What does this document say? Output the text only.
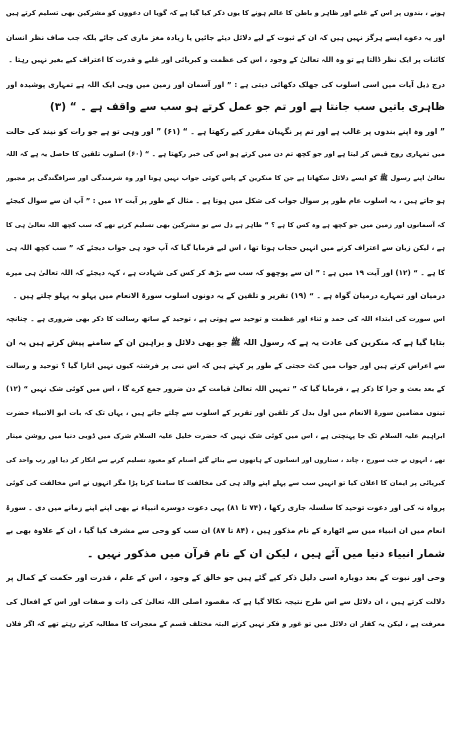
ہونے ، بندوں پر اس کے غلبے اور ظاہر و باطن کا عالم ہونے کا یوں ذکر کیا گیا ہے کہ گویا ان دعووں کو مشرکین بھی تسلیم کرتے ہیں
اور یہ دعوے ایسے ہرگز نہیں ہیں کہ ان کے ثبوت کے لیے دلائل دیئے جائیں یا زیادہ مغز ماری کی جائے بلکہ جب صاف نظر انسان
کائنات پر ایک نظر ڈالتا ہے تو وہ اللہ تعالیٰ کے وجود ، اس کی عظمت و کبریائی اور غلبے و قدرت کا اعتراف کیے بغیر نہیں رہتا ۔
درج ذیل آیات میں اسی اسلوب کی جھلک دکھائی دیتی ہے : ” اور آسمان اور زمین میں وہی ایک اللہ ہے تمہاری پوشیدہ اور
ظاہری باتیں سب جانتا ہے اور تم جو عمل کرتے ہو سب سے واقف ہے ۔ “ (۳)
” اور وہ اپنے بندوں پر غالب ہے اور تم پر نگہبان مقرر کیے رکھتا ہے ۔ “ (۶۱) ” اور وہی تو ہے جو رات کو نیند کی حالت
میں تمہاری روح قبض کر لیتا ہے اور جو کچھ تم دن میں کرتے ہو اس کی خبر رکھتا ہے ۔ “ (۶۰) اسلوب تلقین کا حاصل یہ ہے کہ اللہ
تعالیٰ اپنے رسول ﷺ کو ایسے دلائل سکھاتا ہے جن کا منکرین کے پاس کوئی جواب نہیں ہوتا اور وہ شرمندگی اور سرافگندگی پر مجبور
ہو جاتے ہیں ، یہ اسلوب عام طور پر سوال جواب کی شکل میں ہوتا ہے ۔ مثال کے طور پر آیت ۱۲ میں : ” آپ ان سے سوال کیجئے
کہ آسمانوں اور زمین میں جو کچھ ہے وہ کس کا ہے ؟ “ ظاہر ہے دل سے تو مشرکین بھی تسلیم کرتے تھے کہ سب کچھ اللہ تعالیٰ ہی کا
ہے ، لیکن زبان سے اعتراف کرنے میں انہیں حجاب ہوتا تھا ، اس لیے فرمایا گیا کہ آپ خود ہی جواب دیجئے کہ ” سب کچھ اللہ ہی
کا ہے ۔ “ (۱۲) اور آیت ۱۹ میں ہے : ” ان سے پوچھو کہ سب سے بڑھ کر کس کی شہادت ہے ، کہہ دیجئے کہ اللہ تعالیٰ ہی میرے
درمیان اور تمہارے درمیان گواہ ہے ۔ “ (۱۹) تقریر و تلقین کے یہ دونوں اسلوب سورۃ الانعام میں پہلو بہ پہلو چلتے ہیں ۔
اس سورت کی ابتداء اللہ کی حمد و ثناء اور عظمت و توحید سے ہوتی ہے ، توحید کے ساتھ رسالت کا ذکر بھی ضروری ہے ۔ چنانچہ
بتایا گیا ہے کہ منکرین کی عادت یہ ہے کہ رسول اللہ ﷺ جو بھی دلائل و براہین ان کے سامنے پیش کرتے ہیں یہ ان
سے اعراض کرتے ہیں اور جواب میں کٹ حجتی کے طور پر کہتے ہیں کہ اس نبی پر فرشتہ کیوں نہیں اتارا گیا ؟ توحید و رسالت
کے بعد بعث و جزا کا ذکر ہے ، فرمایا گیا کہ ” تمہیں اللہ تعالیٰ قیامت کے دن ضرور جمع کرے گا ، اس میں کوئی شک نہیں “ (۱۲)
تینوں مضامین سورۃ الانعام میں اول بدل کر تلقین اور تقریر کے اسلوب سے چلتے جاتے ہیں ، یہاں تک کہ بات ابو الانبیاء حضرت
ابراہیم علیہ السلام تک جا پہنچتی ہے ، اس میں کوئی شک نہیں کہ حضرت خلیل علیہ السلام شرک میں ڈوبی دنیا میں روشن مینار
تھے ، انہوں نے جب سورج ، چاند ، ستاروں اور انسانوں کے ہاتھوں سے بنائے گئے اصنام کو معبود تسلیم کرنے سے انکار کر دیا اور رب واحد کی
کبریائی پر ایمان کا اعلان کیا تو انہیں سب سے پہلے اپنے والد ہی کی مخالفت کا سامنا کرنا پڑا مگر انہوں نے اس مخالفت کی کوئی
پرواہ نہ کی اور دعوت توحید کا سلسلہ جاری رکھا ، (۷۴ تا ۸۱) یہی دعوت دوسرے انبیاء نے بھی اپنے اپنے زمانے میں دی ۔ سورۃ
انعام میں ان انبیاء میں سے اٹھارہ کے نام مذکور ہیں ، (۸۴ تا ۸۷) ان سب کو وحی سے مشرف کیا گیا ، ان کے علاوہ بھی بے
شمار انبیاء دنیا میں آئے ہیں ، لیکن ان کے نام قرآن میں مذکور نہیں ۔
وحی اور نبوت کے بعد دوبارہ اسی دلیل ذکر کیے گئے ہیں جو خالق کے وجود ، اس کے علم ، قدرت اور حکمت کے کمال پر
دلالت کرتے ہیں ، ان دلائل سے اس طرح نتیجہ نکالا گیا ہے کہ مقصود اصلی اللہ تعالیٰ کی ذات و صفات اور اس کے افعال کی
معرفت ہے ، لیکن یہ کفار ان دلائل میں تو غور و فکر نہیں کرتے البتہ مختلف قسم کے معجزات کا مطالبہ کرتے رہتے تھے کہ اگر فلاں
